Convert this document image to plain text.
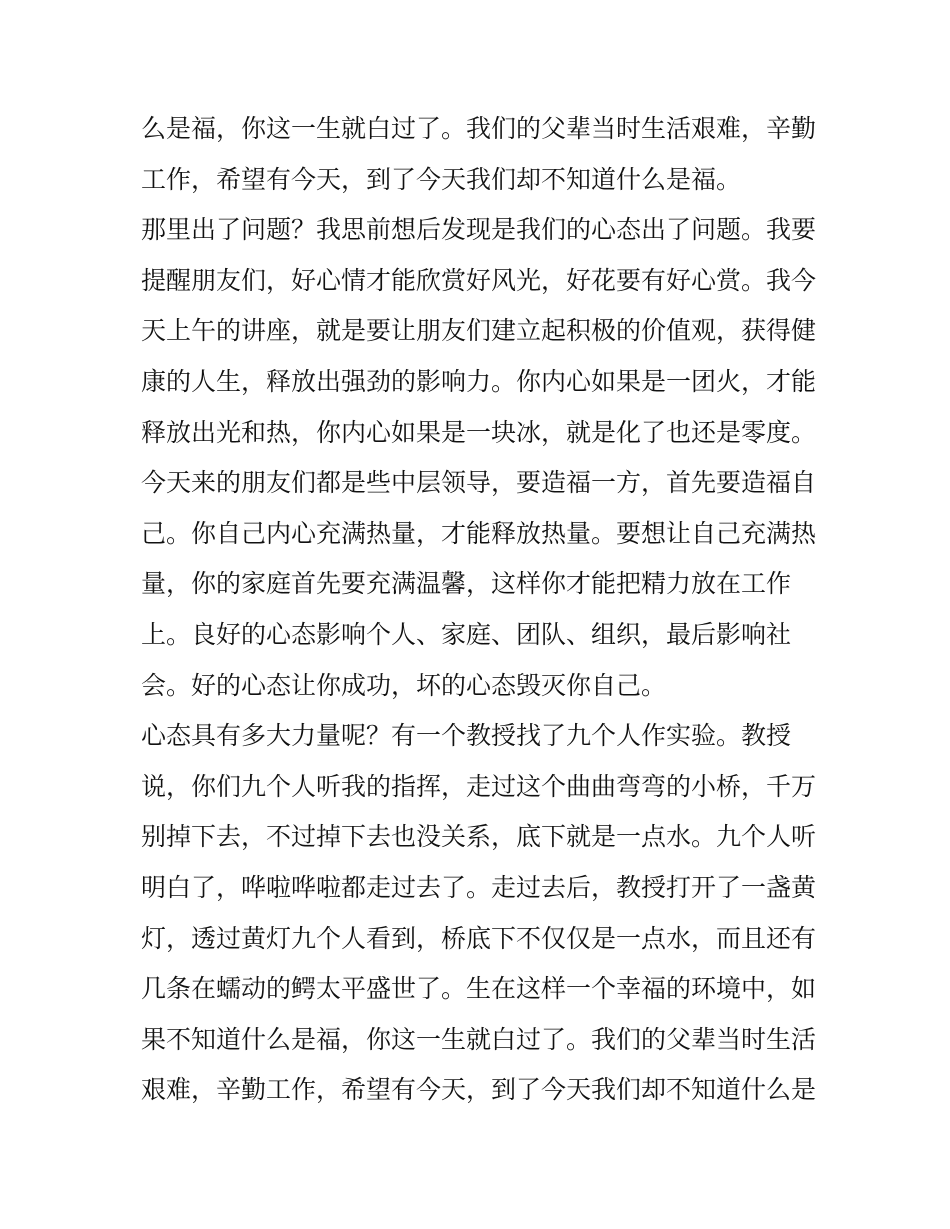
么是福，你这一生就白过了。我们的父辈当时生活艰难，辛勤
工作，希望有今天，到了今天我们却不知道什么是福。
那里出了问题？我思前想后发现是我们的心态出了问题。我要
提醒朋友们，好心情才能欣赏好风光，好花要有好心赏。我今
天上午的讲座，就是要让朋友们建立起积极的价值观，获得健
康的人生，释放出强劲的影响力。你内心如果是一团火，才能
释放出光和热，你内心如果是一块冰，就是化了也还是零度。
今天来的朋友们都是些中层领导，要造福一方，首先要造福自
己。你自己内心充满热量，才能释放热量。要想让自己充满热
量，你的家庭首先要充满温馨，这样你才能把精力放在工作
上。良好的心态影响个人、家庭、团队、组织，最后影响社
会。好的心态让你成功，坏的心态毁灭你自己。
心态具有多大力量呢？有一个教授找了九个人作实验。教授
说，你们九个人听我的指挥，走过这个曲曲弯弯的小桥，千万
别掉下去，不过掉下去也没关系，底下就是一点水。九个人听
明白了，哗啦哗啦都走过去了。走过去后，教授打开了一盏黄
灯，透过黄灯九个人看到，桥底下不仅仅是一点水，而且还有
几条在蠕动的鳄太平盛世了。生在这样一个幸福的环境中，如
果不知道什么是福，你这一生就白过了。我们的父辈当时生活
艰难，辛勤工作，希望有今天，到了今天我们却不知道什么是
